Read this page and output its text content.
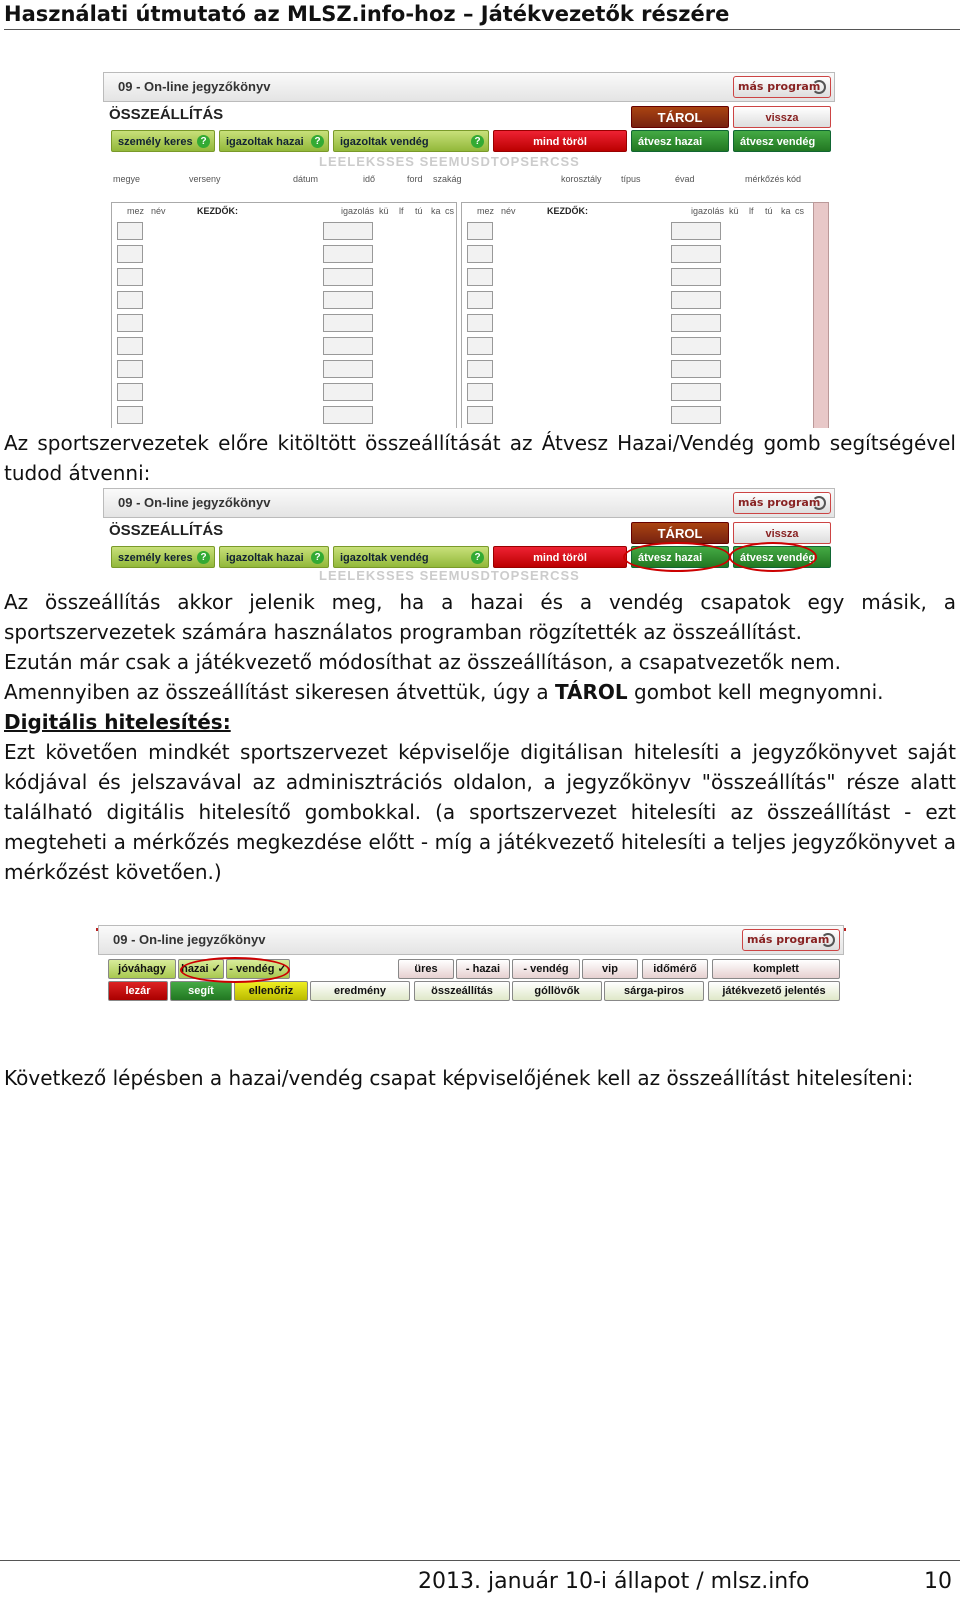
Használati útmutató az MLSZ.info-hoz – Játékvezetők részére
09 - On-line jegyzőkönyv	más program
ÖSSZEÁLLÍTÁS	TÁROL	vissza
személy keres ?	igazoltak hazai	?	igazoltak vendég	?	mind töröl	átvesz hazai	átvesz vendég
LEELEKSSES SEEMUSDTOPSERCSS
megye	verseny	dátum	idő	ford szakág	korosztály típus	évad	mérkőzés kód
mez név	KEZDŐK:	igazolás kü lf tú ka cs	mez név	KEZDŐK:	igazolás kü lf tú ka cs
Az sportszervezetek előre kitöltött összeállítását az Átvesz Hazai/Vendég gomb segítségével tudod átvenni:
09 - On-line jegyzőkönyv	más program
ÖSSZEÁLLÍTÁS	TÁROL	vissza
személy keres ?	igazoltak hazai	?	igazoltak vendég	?	mind töröl	átvesz hazai	átvesz vendég
LEELEKSSES SEEMUSDTOPSERCSS
Az összeállítás akkor jelenik meg, ha a hazai és a vendég csapatok egy másik, a sportszervezetek számára használatos programban rögzítették az összeállítást.
Ezután már csak a játékvezető módosíthat az összeállításon, a csapatvezetők nem.
Amennyiben az összeállítást sikeresen átvettük, úgy a TÁROL gombot kell megnyomni.
Digitális hitelesítés:
Ezt követően mindkét sportszervezet képviselője digitálisan hitelesíti a jegyzőkönyvet saját kódjával és jelszavával az adminisztrációs oldalon, a jegyzőkönyv "összeállítás" része alatt található digitális hitelesítő gombokkal. (a sportszervezet hitelesíti az összeállítást - ezt megteheti a mérkőzés megkezdése előtt - míg a játékvezető hitelesíti a teljes jegyzőkönyvet a mérkőzést követően.)
09 - On-line jegyzőkönyv	más program
jóváhagy	hazai ✓ - vendég ✓	üres	- hazai	- vendég	vip	időmérő	komplett
lezár	segít	ellenőriz	eredmény	összeállítás	góllövők	sárga-piros	játékvezető jelentés
Következő lépésben a hazai/vendég csapat képviselőjének kell az összeállítást hitelesíteni:
2013. január 10-i állapot / mlsz.info	10
